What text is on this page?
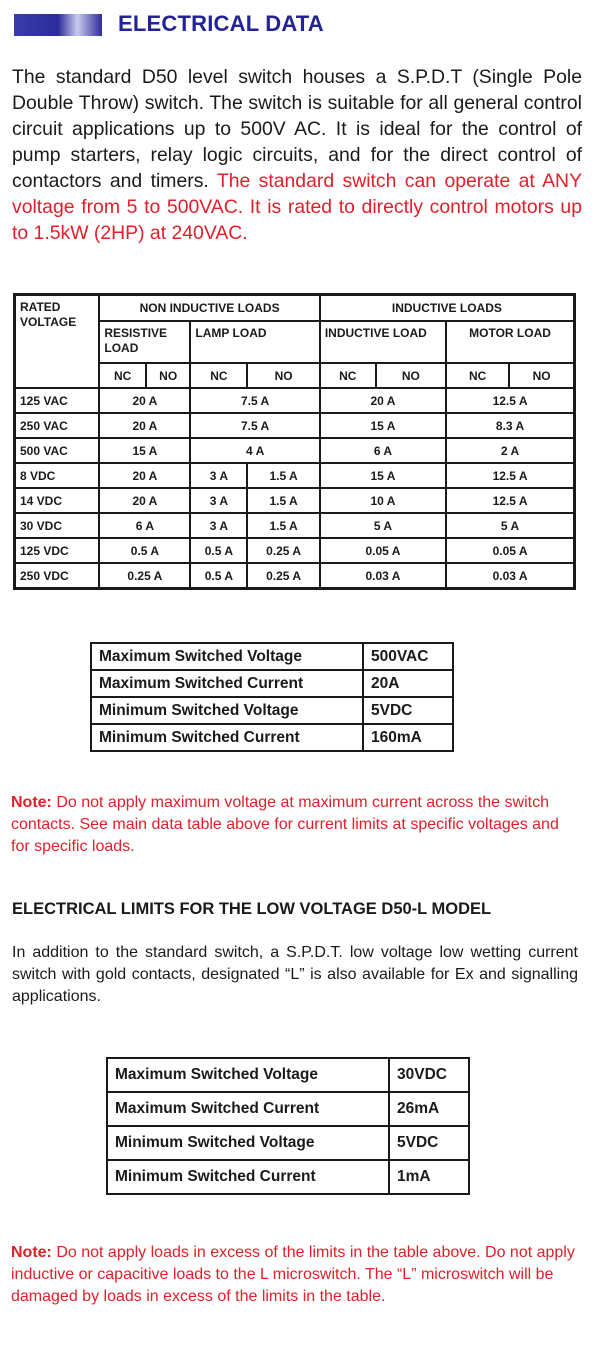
ELECTRICAL DATA

The standard D50 level switch houses a S.P.D.T (Single Pole Double Throw) switch. The switch is suitable for all general control circuit applications up to 500V AC. It is ideal for the control of pump starters, relay logic circuits, and for the direct control of contactors and timers. The standard switch can operate at ANY voltage from 5 to 500VAC. It is rated to directly control motors up to 1.5kW (2HP) at 240VAC.

RATED VOLTAGE	NON INDUCTIVE LOADS				INDUCTIVE LOADS			
	RESISTIVE LOAD		LAMP LOAD		INDUCTIVE LOAD		MOTOR LOAD	
	NC	NO	NC	NO	NC	NO	NC	NO
125 VAC	20 A		7.5 A		20 A		12.5 A	
250 VAC	20 A		7.5 A		15 A		8.3 A	
500 VAC	15 A		4 A		6 A		2 A	
8 VDC	20 A		3 A	1.5 A	15 A		12.5 A	
14 VDC	20 A		3 A	1.5 A	10 A		12.5 A	
30 VDC	6 A		3 A	1.5 A	5 A		5 A	
125 VDC	0.5 A		0.5 A	0.25 A	0.05 A		0.05 A	
250 VDC	0.25 A		0.5 A	0.25 A	0.03 A		0.03 A	
Maximum Switched Voltage	500VAC
Maximum Switched Current	20A
Minimum Switched Voltage	5VDC
Minimum Switched Current	160mA

Note: Do not apply maximum voltage at maximum current across the switch contacts. See main data table above for current limits at specific voltages and for specific loads.

ELECTRICAL LIMITS FOR THE LOW VOLTAGE D50-L MODEL

In addition to the standard switch, a S.P.D.T. low voltage low wetting current switch with gold contacts, designated “L” is also available for Ex and signalling applications.

Maximum Switched Voltage	30VDC
Maximum Switched Current	26mA
Minimum Switched Voltage	5VDC
Minimum Switched Current	1mA

Note: Do not apply loads in excess of the limits in the table above. Do not apply inductive or capacitive loads to the L microswitch. The “L” microswitch will be damaged by loads in excess of the limits in the table.
